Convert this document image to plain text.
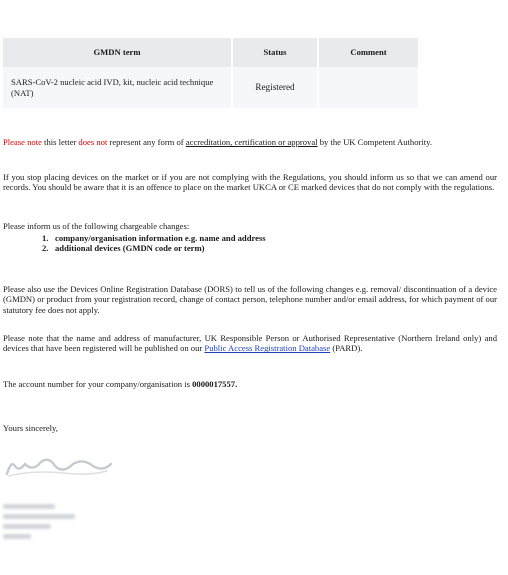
GMDN term	Status	Comment
SARS-CoV-2 nucleic acid IVD, kit, nucleic acid technique (NAT)	Registered	

Please note this letter does not represent any form of accreditation, certification or approval by the UK Competent Authority.

If you stop placing devices on the market or if you are not complying with the Regulations, you should inform us so that we can amend our records. You should be aware that it is an offence to place on the market UKCA or CE marked devices that do not comply with the regulations.

Please inform us of the following chargeable changes:

1. company/organisation information e.g. name and address
2. additional devices (GMDN code or term)

Please also use the Devices Online Registration Database (DORS) to tell us of the following changes e.g. removal/ discontinuation of a device (GMDN) or product from your registration record, change of contact person, telephone number and/or email address, for which payment of our statutory fee does not apply.

Please note that the name and address of manufacturer, UK Responsible Person or Authorised Representative (Northern Ireland only) and devices that have been registered will be published on our Public Access Registration Database (PARD).

The account number for your company/organisation is 0000017557.

Yours sincerely,
